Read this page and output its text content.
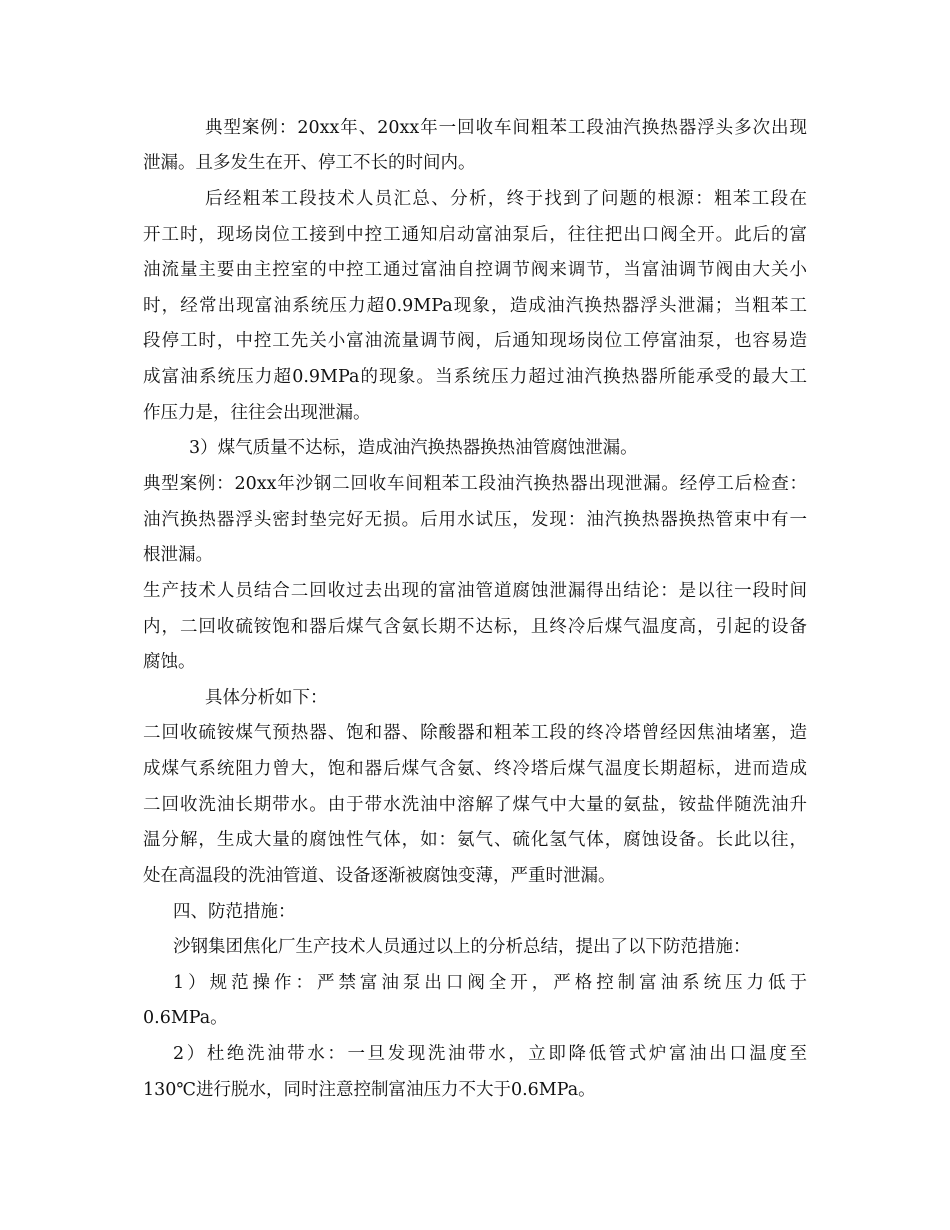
典型案例：20xx年、20xx年一回收车间粗苯工段油汽换热器浮头多次出现
泄漏。且多发生在开、停工不长的时间内。
后经粗苯工段技术人员汇总、分析，终于找到了问题的根源：粗苯工段在
开工时，现场岗位工接到中控工通知启动富油泵后，往往把出口阀全开。此后的富
油流量主要由主控室的中控工通过富油自控调节阀来调节，当富油调节阀由大关小
时，经常出现富油系统压力超0.9MPa现象，造成油汽换热器浮头泄漏；当粗苯工
段停工时，中控工先关小富油流量调节阀，后通知现场岗位工停富油泵，也容易造
成富油系统压力超0.9MPa的现象。当系统压力超过油汽换热器所能承受的最大工
作压力是，往往会出现泄漏。
3）煤气质量不达标，造成油汽换热器换热油管腐蚀泄漏。
典型案例：20xx年沙钢二回收车间粗苯工段油汽换热器出现泄漏。经停工后检查：
油汽换热器浮头密封垫完好无损。后用水试压，发现：油汽换热器换热管束中有一
根泄漏。
生产技术人员结合二回收过去出现的富油管道腐蚀泄漏得出结论：是以往一段时间
内，二回收硫铵饱和器后煤气含氨长期不达标，且终冷后煤气温度高，引起的设备
腐蚀。
具体分析如下：
二回收硫铵煤气预热器、饱和器、除酸器和粗苯工段的终冷塔曾经因焦油堵塞，造
成煤气系统阻力曾大，饱和器后煤气含氨、终冷塔后煤气温度长期超标，进而造成
二回收洗油长期带水。由于带水洗油中溶解了煤气中大量的氨盐，铵盐伴随洗油升
温分解，生成大量的腐蚀性气体，如：氨气、硫化氢气体，腐蚀设备。长此以往，
处在高温段的洗油管道、设备逐渐被腐蚀变薄，严重时泄漏。
四、防范措施：
沙钢集团焦化厂生产技术人员通过以上的分析总结，提出了以下防范措施：
1）规范操作：严禁富油泵出口阀全开，严格控制富油系统压力低于
0.6MPa。
2）杜绝洗油带水：一旦发现洗油带水，立即降低管式炉富油出口温度至
130℃进行脱水，同时注意控制富油压力不大于0.6MPa。
